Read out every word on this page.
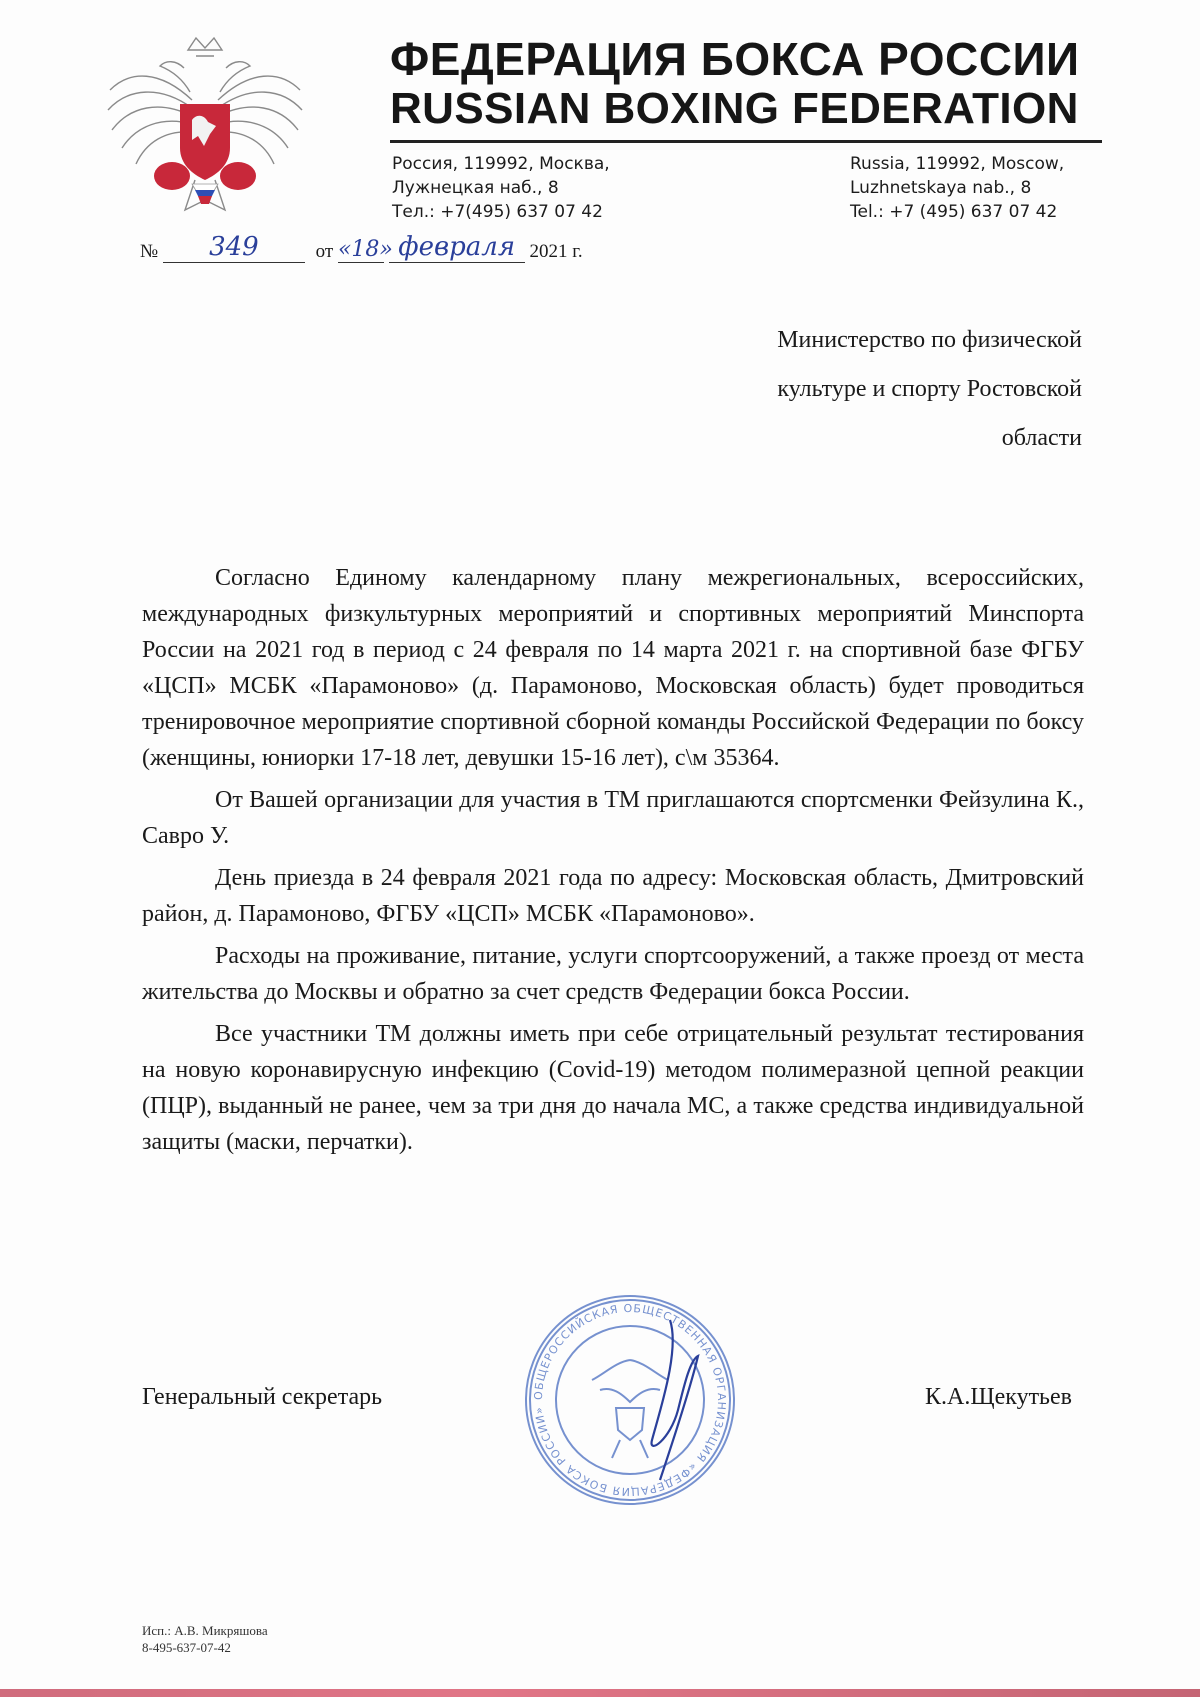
ФЕДЕРАЦИЯ БОКСА РОССИИ
RUSSIAN BOXING FEDERATION
Россия, 119992, Москва,
Лужнецкая наб., 8
Тел.: +7(495) 637 07 42
Russia, 119992, Moscow,
Luzhnetskaya nab., 8
Tel.: +7 (495) 637 07 42
№	349	от «18»
февраля 2021 г.
Министерство по физической
культуре и спорту Ростовской
области

Согласно Единому календарному плану межрегиональных, всероссийских, международных физкультурных мероприятий и спортивных мероприятий Минспорта России на 2021 год в период с 24 февраля по 14 марта 2021 г. на спортивной базе ФГБУ «ЦСП» МСБК «Парамоново» (д. Парамоново, Московская область) будет проводиться тренировочное мероприятие спортивной сборной команды Российской Федерации по боксу (женщины, юниорки 17-18 лет, девушки 15-16 лет), с\м 35364.

От Вашей организации для участия в ТМ приглашаются спортсменки Фейзулина К., Савро У.

День приезда в 24 февраля 2021 года по адресу: Московская область, Дмитровский район, д. Парамоново, ФГБУ «ЦСП» МСБК «Парамоново».

Расходы на проживание, питание, услуги спортсооружений, а также проезд от места жительства до Москвы и обратно за счет средств Федерации бокса России.

Все участники ТМ должны иметь при себе отрицательный результат тестирования на новую коронавирусную инфекцию (Covid-19) методом полимеразной цепной реакции (ПЦР), выданный не ранее, чем за три дня до начала МС, а также средства индивидуальной защиты (маски, перчатки).

ОБЩЕРОССИЙСКАЯ ОБЩЕСТВЕННАЯ ОРГАНИЗАЦИЯ «ФЕДЕРАЦИЯ БОКСА РОССИИ»
Генеральный секретарь	К.А.Щекутьев
Исп.: А.В. Микряшова
8-495-637-07-42
